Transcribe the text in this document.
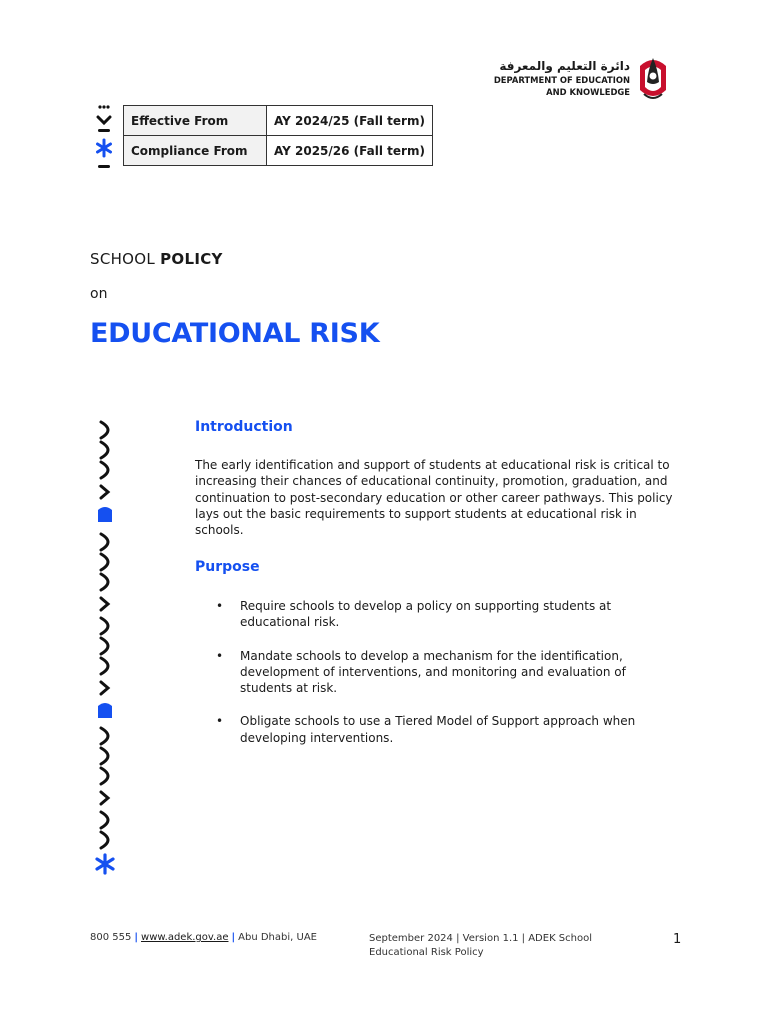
Effective From	AY 2024/25 (Fall term)
Compliance From	AY 2025/26 (Fall term)
دائرة التعليم والمعرفة
DEPARTMENT OF EDUCATION
AND KNOWLEDGE
SCHOOL POLICY
on
EDUCATIONAL RISK
Introduction

The early identification and support of students at educational risk is critical to increasing their chances of educational continuity, promotion, graduation, and continuation to post-secondary education or other career pathways. This policy lays out the basic requirements to support students at educational risk in schools.

Purpose
• Require schools to develop a policy on supporting students at educational risk.
• Mandate schools to develop a mechanism for the identification, development of interventions, and monitoring and evaluation of students at risk.
• Obligate schools to use a Tiered Model of Support approach when developing interventions.
800 555 | www.adek.gov.ae | Abu Dhabi, UAE	September 2024 | Version 1.1 | ADEK School Educational Risk Policy
1
